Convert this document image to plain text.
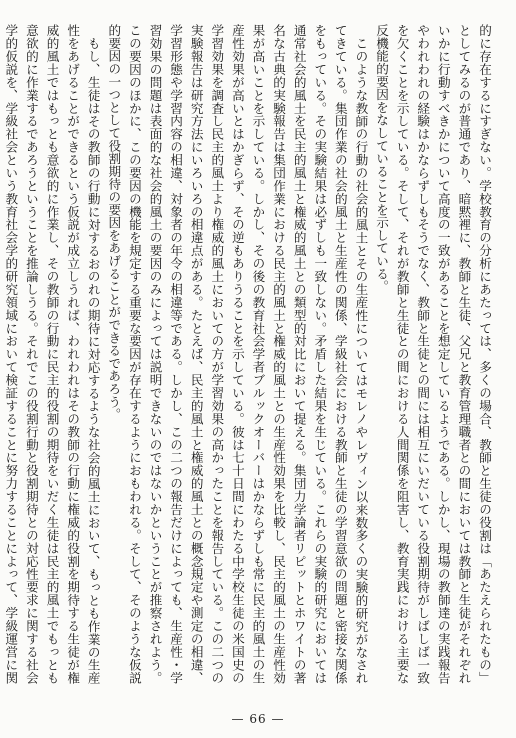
的に存在するにすぎない。学校教育の分析にあたっては、多くの場合、教師と生徒の役割は「あたえられたもの」としてみるのが普通であり、暗黙裡に、教師と生徒、父兄と教育管理職者との間においては教師と生徒がそれぞれいかに行動すべきかについて高度の一致があることを想定しているようである。しかし、現場の教師達の実践報告やわれわれの経験はかならずしもそうでなく、教師と生徒との間には相互にいだいている役割期待がしばしば一致を欠くことを示している。そして、それが教師と生徒との間における人間関係を阻害し、教育実践における主要な反機能的要因をなしていることを示している。

このような教師の行動の社会的風土とその生産性についてはモレノやレヴィン以来数多くの実験的研究がなされてきている。集団作業の社会的風土と生産性の関係、学級社会における教師と生徒の学習意欲の問題と密接な関係をもっている。その実験結果は必ずしも一致しない。矛盾した結果を生じている。これらの実験的研究においては通常社会的風土を民主的風土と権威的風土との類型的対比において提える。集団力学論者リピットとホワイトの著名な古典的実験報告は集団作業における民主的風土と権威的風土との生産性効果を比較し、民主的風土の生産性効果が高いことを示している。しかし、その後の教育社会学者ブルックオーバーはかならずしも常に民主的風土の生産性効果が高いとはかぎらず、その逆もありうることを示している。彼は七十日間にわたる中学校生徒の米国史の学習効果を調査し民主的風土より権威的風土においての方が学習効果の高かったことを報告している。この二つの実験報告は研究方法にいろいろの相違点がある。たとえば、民主的風土と権威的風土との概念規定や測定の相違、学習形態や学習内容の相違、対象者の年令の相違等である。しかし、この二つの報告だけによっても、生産性・学習効果の問題は表面的な社会的風土の要因のみによっては説明できないのではないかということが推察されよう。この要因のほかに、この要因の機能を規定する重要な要因が存在するようにおもわれる。そして、そのような仮説的要因の一つとして役割期待の要因をあげることができるであろう。

もし、生徒はその教師の行動に対するおのれの期待に対応するような社会的風土において、もっとも作業の生産性をあげることができるという仮説が成立しうれば、われわれはその教師の行動に権威的役割を期待する生徒が権威的風土ではもっとも意欲的に作業し、その教師の行動に民主的役割の期待をいだく生徒は民主的風土でもっとも意欲的に作業するであろうということを推論しうる。それでこの役割行動と役割期待との対応性要求に関する社会学的仮説を、学級社会という教育社会学的研究領域において検証することに努力することによって、学級運営に関

— 66 —
